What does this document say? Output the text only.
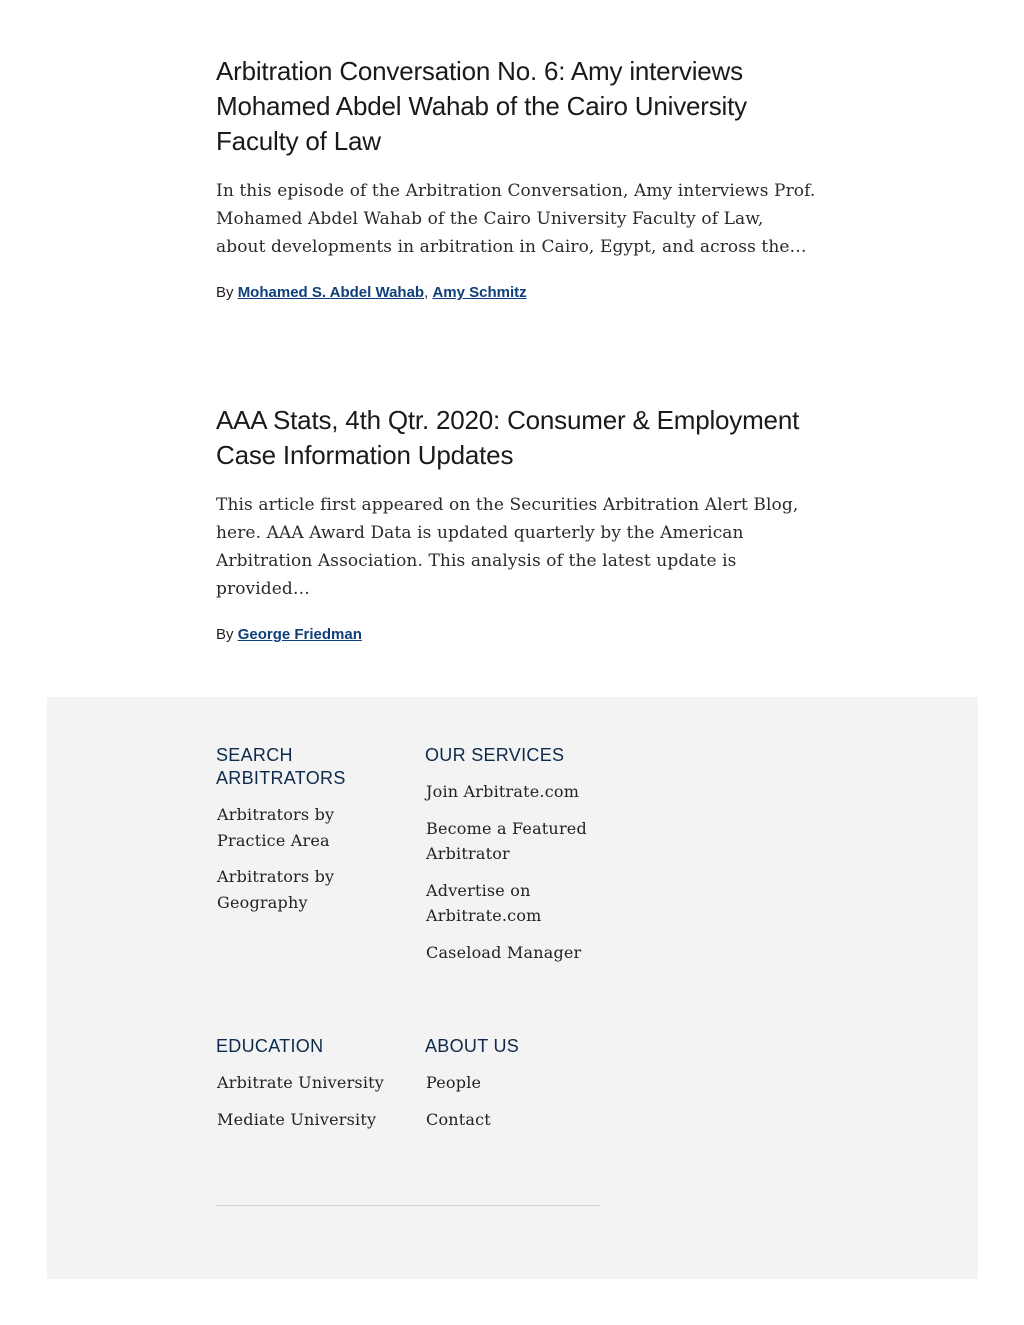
Arbitration Conversation No. 6: Amy interviews Mohamed Abdel Wahab of the Cairo University Faculty of Law

In this episode of the Arbitration Conversation, Amy interviews Prof. Mohamed Abdel Wahab of the Cairo University Faculty of Law, about developments in arbitration in Cairo, Egypt, and across the…

By Mohamed S. Abdel Wahab, Amy Schmitz
AAA Stats, 4th Qtr. 2020: Consumer & Employment Case Information Updates

This article first appeared on the Securities Arbitration Alert Blog, here. AAA Award Data is updated quarterly by the American Arbitration Association. This analysis of the latest update is provided…

By George Friedman
SEARCH ARBITRATORS
Arbitrators by Practice Area
Arbitrators by Geography
OUR SERVICES
Join Arbitrate.com
Become a Featured Arbitrator
Advertise on Arbitrate.com
Caseload Manager
EDUCATION
Arbitrate University
Mediate University
ABOUT US
People
Contact
